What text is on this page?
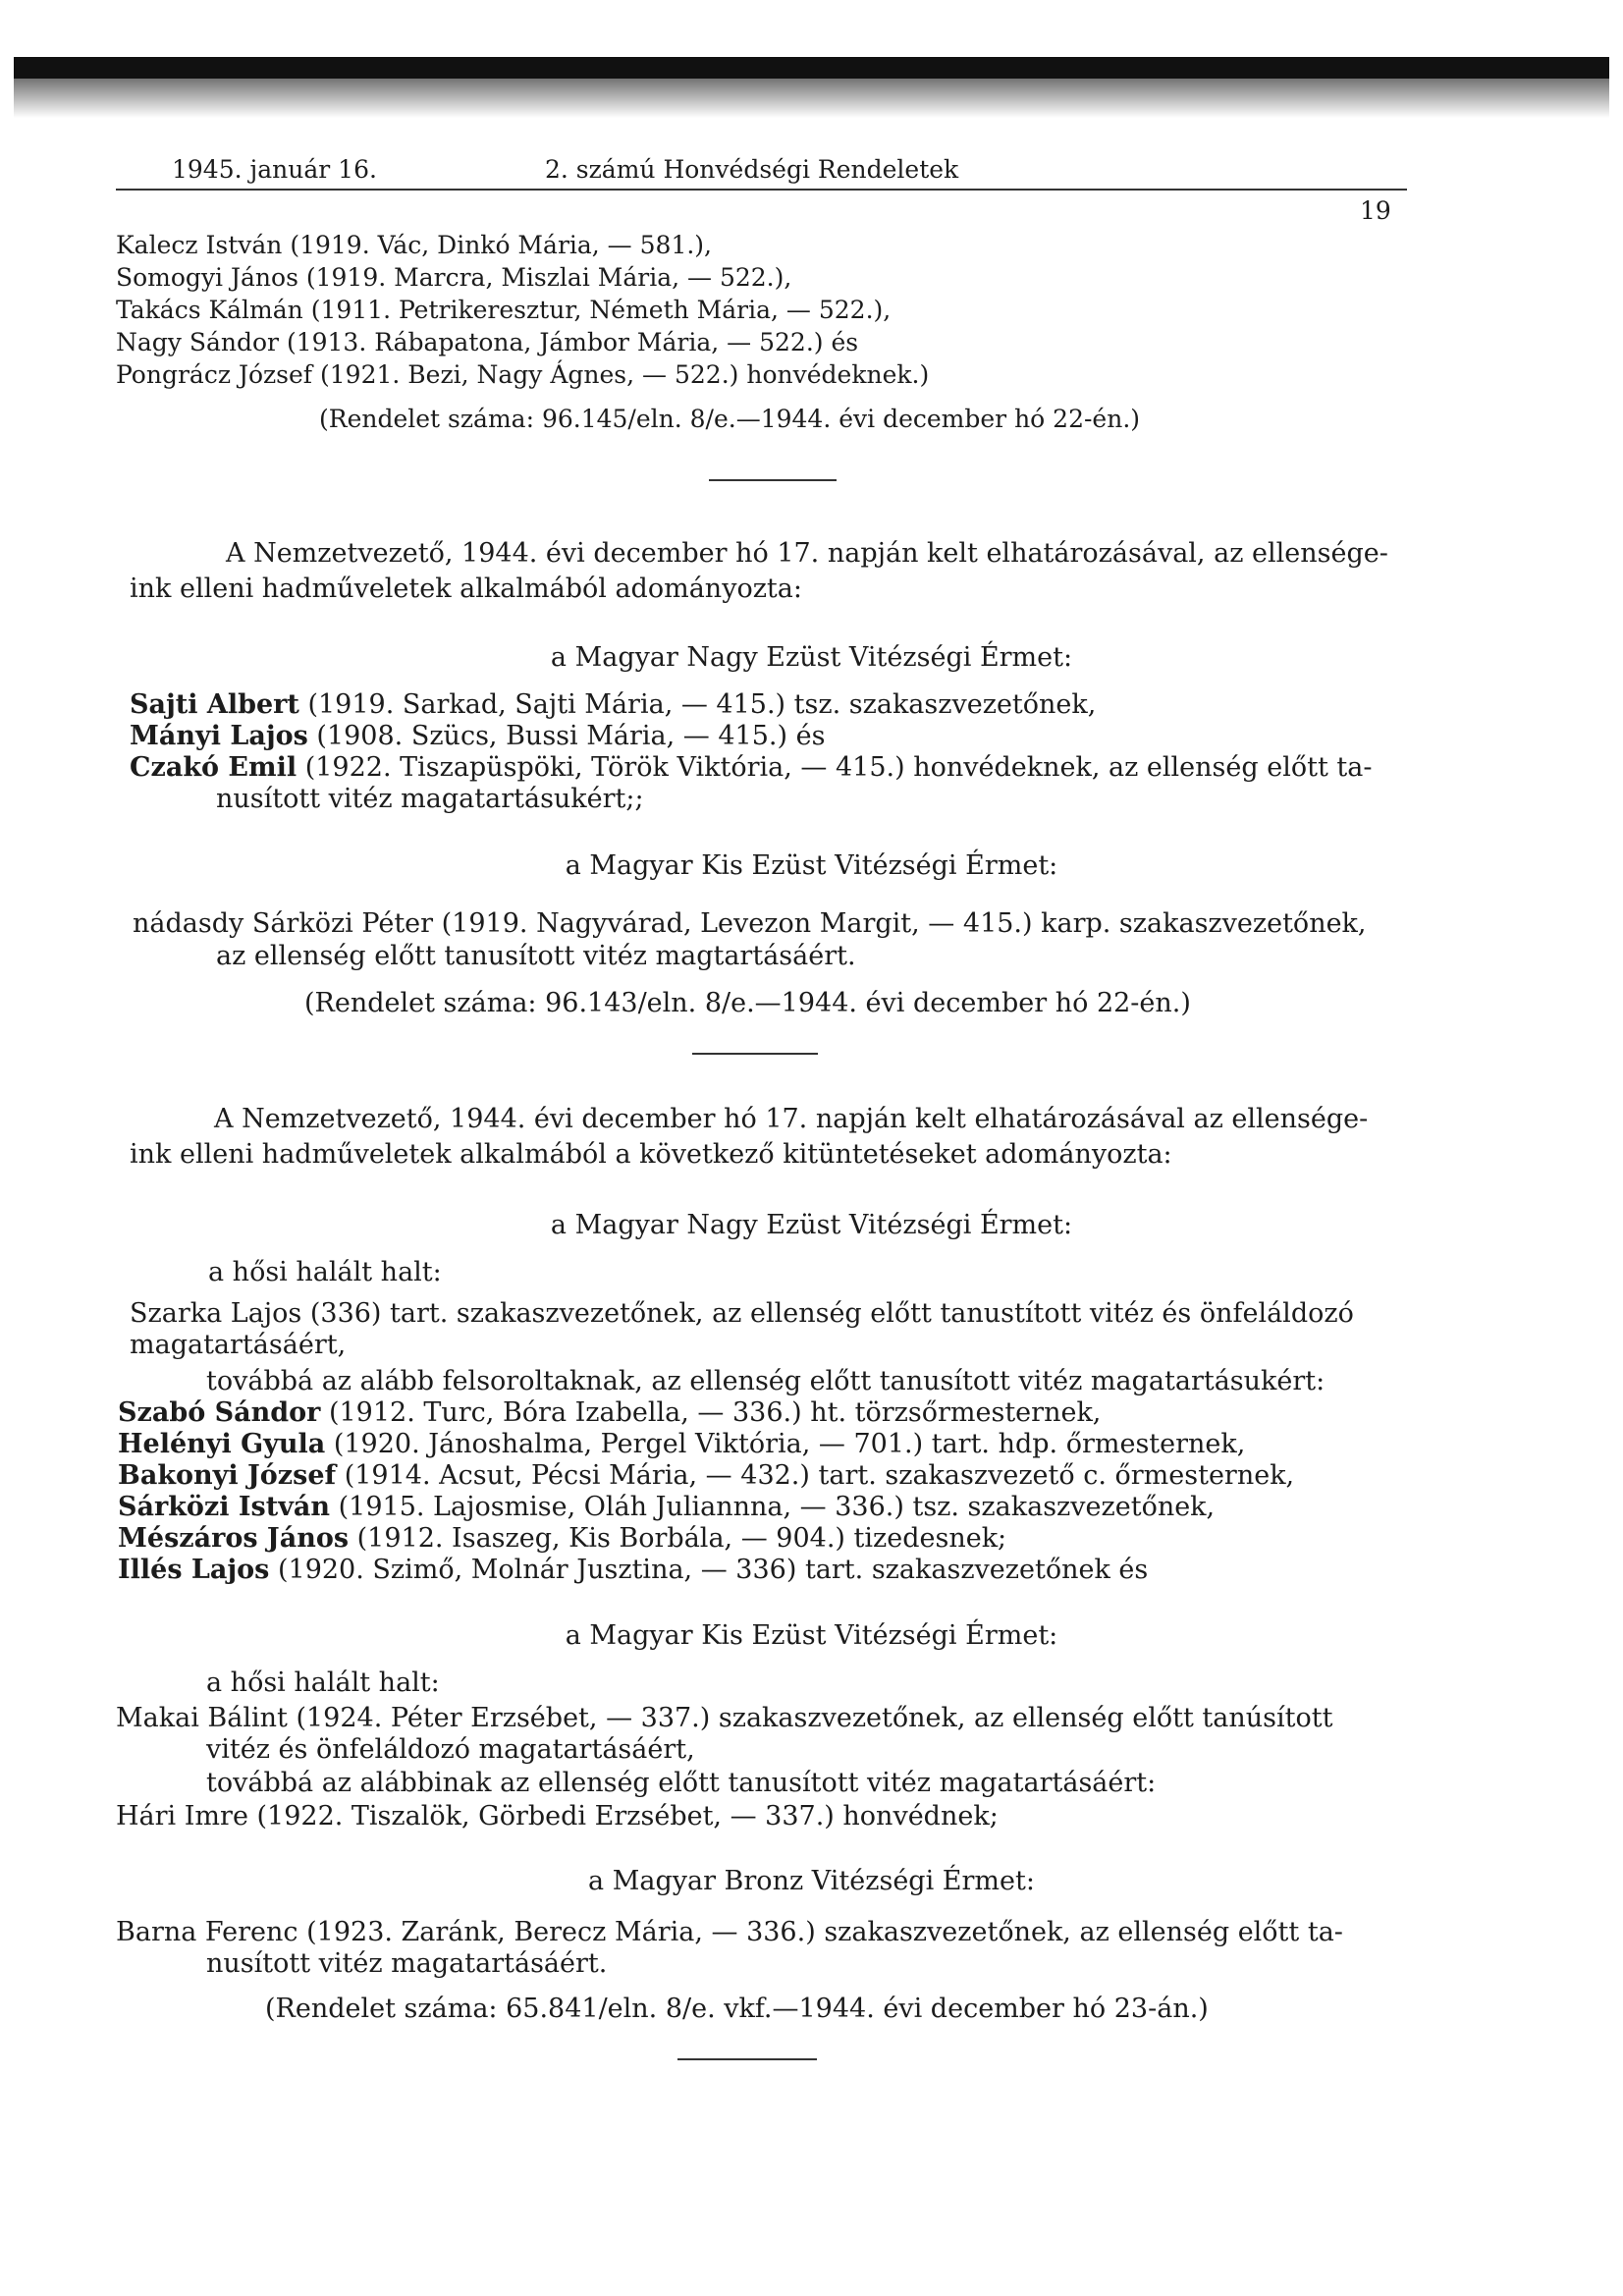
1945. január 16.	2. számú Honvédségi Rendeletek
19
Kalecz István (1919. Vác, Dinkó Mária, — 581.),
Somogyi János (1919. Marcra, Miszlai Mária, — 522.),
Takács Kálmán (1911. Petrikeresztur, Németh Mária, — 522.),
Nagy Sándor (1913. Rábapatona, Jámbor Mária, — 522.) és
Pongrácz József (1921. Bezi, Nagy Ágnes, — 522.) honvédeknek.)
(Rendelet száma: 96.145/eln. 8/e.—1944. évi december hó 22-én.)
A Nemzetvezető, 1944. évi december hó 17. napján kelt elhatározásával, az ellensége-
ink elleni hadműveletek alkalmából adományozta:
a Magyar Nagy Ezüst Vitézségi Érmet:
Sajti Albert (1919. Sarkad, Sajti Mária, — 415.) tsz. szakaszvezetőnek,
Mányi Lajos (1908. Szücs, Bussi Mária, — 415.) és
Czakó Emil (1922. Tiszapüspöki, Török Viktória, — 415.) honvédeknek, az ellenség előtt ta-
nusított vitéz magatartásukért;;
a Magyar Kis Ezüst Vitézségi Érmet:
nádasdy Sárközi Péter (1919. Nagyvárad, Levezon Margit, — 415.) karp. szakaszvezetőnek,
az ellenség előtt tanusított vitéz magtartásáért.
(Rendelet száma: 96.143/eln. 8/e.—1944. évi december hó 22-én.)
A Nemzetvezető, 1944. évi december hó 17. napján kelt elhatározásával az ellensége-
ink elleni hadműveletek alkalmából a következő kitüntetéseket adományozta:
a Magyar Nagy Ezüst Vitézségi Érmet:
a hősi halált halt:
Szarka Lajos (336) tart. szakaszvezetőnek, az ellenség előtt tanustított vitéz és önfeláldozó
magatartásáért,
továbbá az alább felsoroltaknak, az ellenség előtt tanusított vitéz magatartásukért:
Szabó Sándor (1912. Turc, Bóra Izabella, — 336.) ht. törzsőrmesternek,
Helényi Gyula (1920. Jánoshalma, Pergel Viktória, — 701.) tart. hdp. őrmesternek,
Bakonyi József (1914. Acsut, Pécsi Mária, — 432.) tart. szakaszvezető c. őrmesternek,
Sárközi István (1915. Lajosmise, Oláh Juliannna, — 336.) tsz. szakaszvezetőnek,
Mészáros János (1912. Isaszeg, Kis Borbála, — 904.) tizedesnek;
Illés Lajos (1920. Szimő, Molnár Jusztina, — 336) tart. szakaszvezetőnek és
a Magyar Kis Ezüst Vitézségi Érmet:
a hősi halált halt:
Makai Bálint (1924. Péter Erzsébet, — 337.) szakaszvezetőnek, az ellenség előtt tanúsított
vitéz és önfeláldozó magatartásáért,
továbbá az alábbinak az ellenség előtt tanusított vitéz magatartásáért:
Hári Imre (1922. Tiszalök, Görbedi Erzsébet, — 337.) honvédnek;
a Magyar Bronz Vitézségi Érmet:
Barna Ferenc (1923. Zaránk, Berecz Mária, — 336.) szakaszvezetőnek, az ellenség előtt ta-
nusított vitéz magatartásáért.
(Rendelet száma: 65.841/eln. 8/e. vkf.—1944. évi december hó 23-án.)
